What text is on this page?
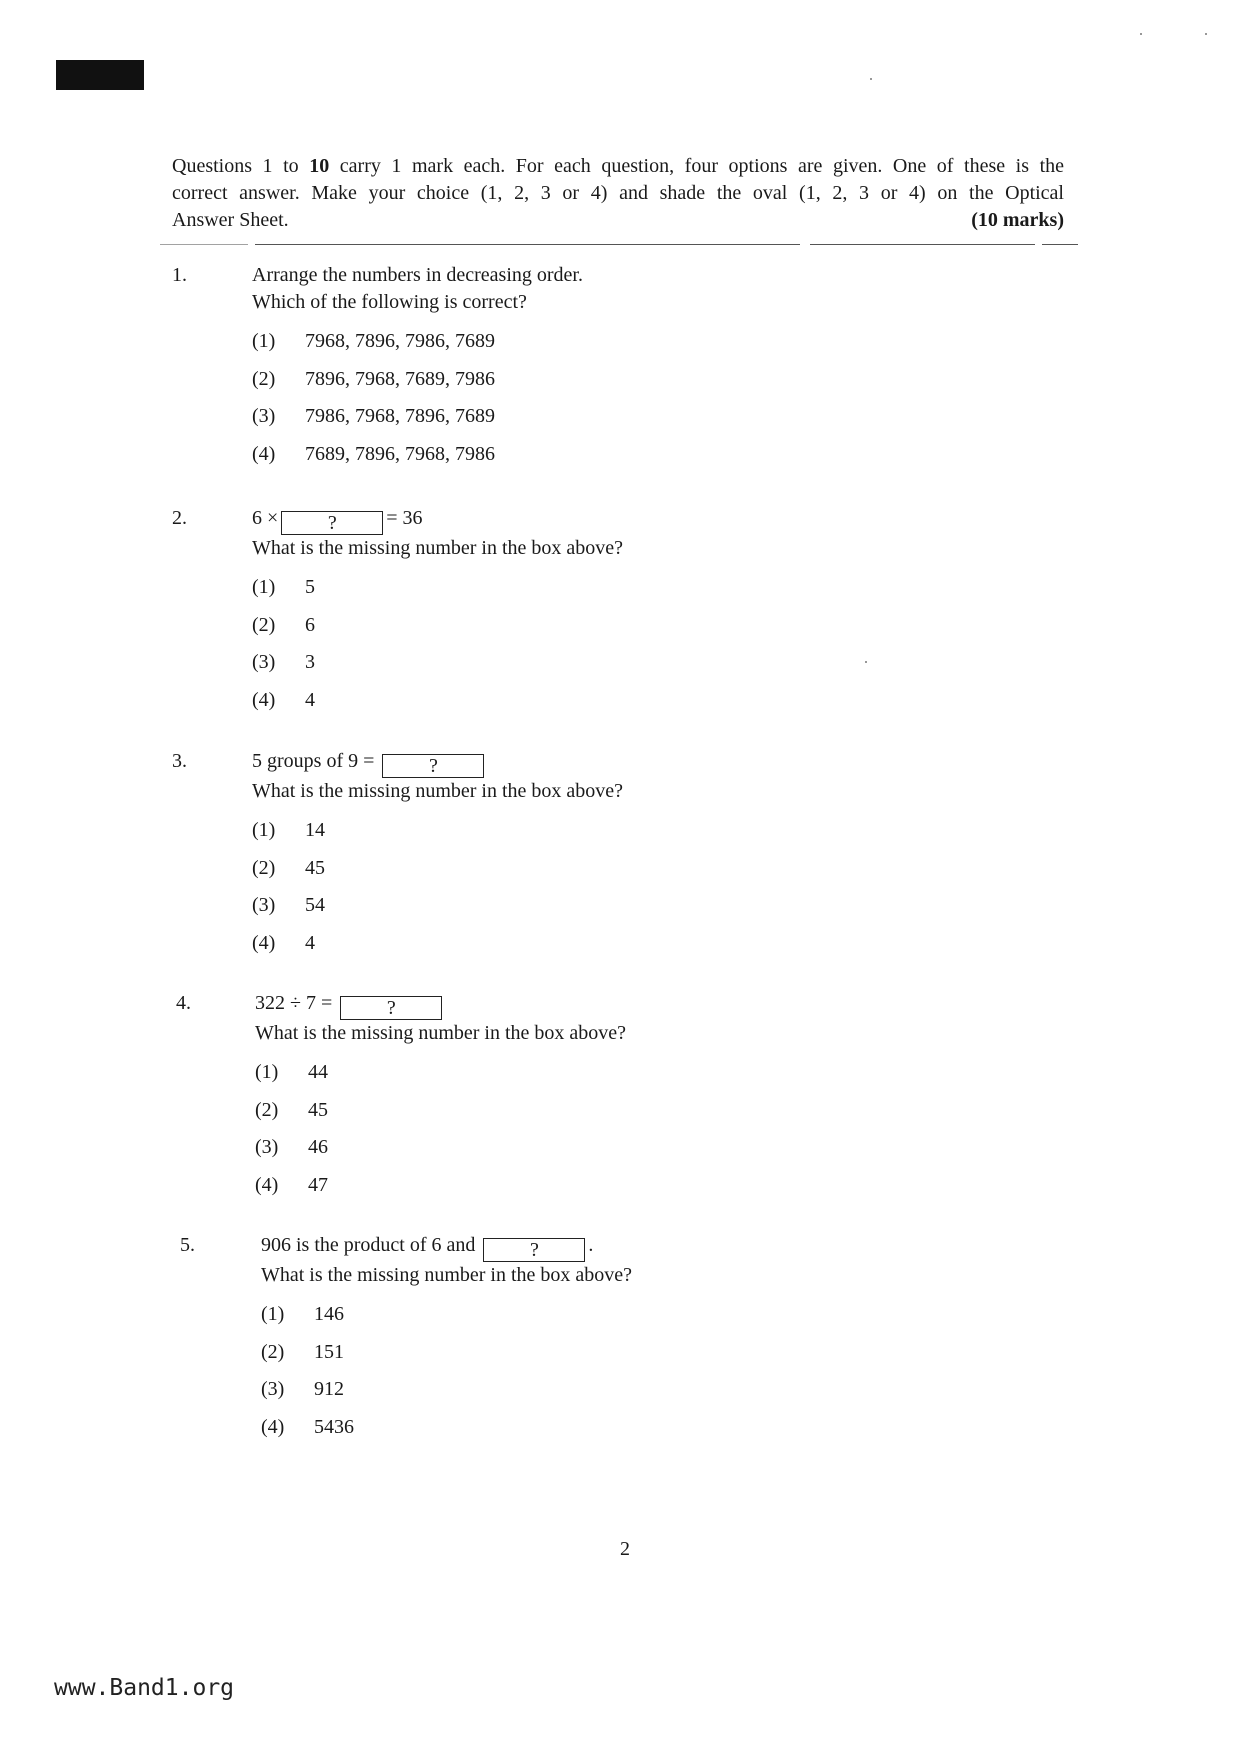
Questions 1 to 10 carry 1 mark each. For each question, four options are given. One of these is the
correct answer. Make your choice (1, 2, 3 or 4) and shade the oval (1, 2, 3 or 4) on the Optical
Answer Sheet.	(10 marks)
1.	Arrange the numbers in decreasing order.
Which of the following is correct?
(1) 7968, 7896, 7986, 7689
(2) 7896, 7968, 7689, 7986
(3) 7986, 7968, 7896, 7689
(4) 7689, 7896, 7968, 7986
2.	6 × ? = 36
What is the missing number in the box above?
(1) 5
(2) 6
(3) 3
(4) 4
3.	5 groups of 9 =	?
What is the missing number in the box above?
(1) 14
(2) 45
(3) 54
(4) 4
4.	322 ÷ 7 =	?
What is the missing number in the box above?
(1) 44
(2) 45
(3) 46
(4) 47
5.	906 is the product of 6 and	? .
What is the missing number in the box above?
(1) 146
(2) 151
(3) 912
(4) 5436
2
www.Band1.org
